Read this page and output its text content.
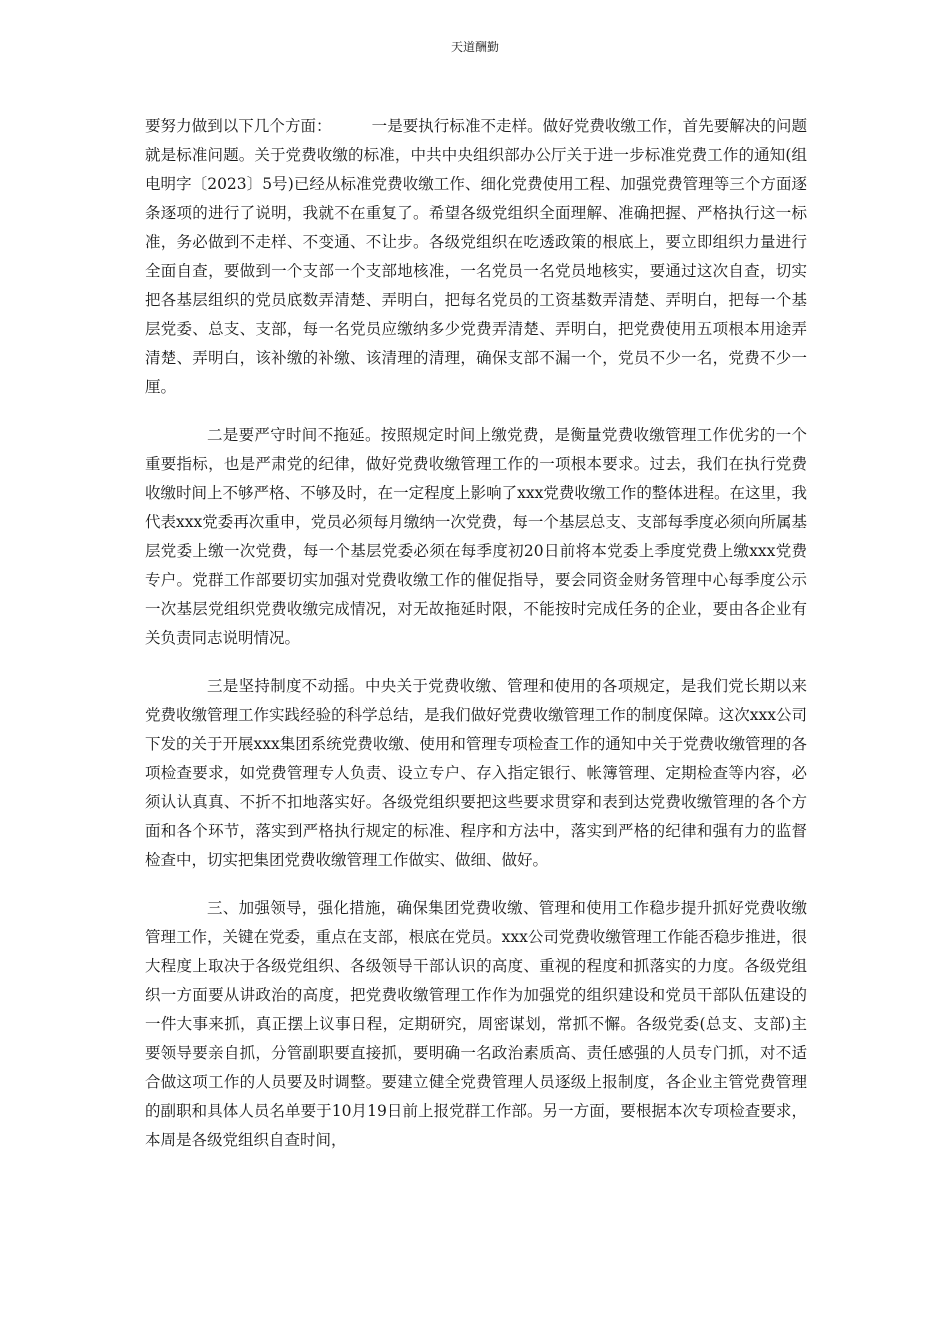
天道酬勤

要努力做到以下几个方面：	一是要执行标准不走样。做好党费收缴工作，首先要解决的问题就是标准问题。关于党费收缴的标准，中共中央组织部办公厅关于进一步标准党费工作的通知(组电明字〔2023〕5号)已经从标准党费收缴工作、细化党费使用工程、加强党费管理等三个方面逐条逐项的进行了说明，我就不在重复了。希望各级党组织全面理解、准确把握、严格执行这一标准，务必做到不走样、不变通、不让步。各级党组织在吃透政策的根底上，要立即组织力量进行全面自查，要做到一个支部一个支部地核准，一名党员一名党员地核实，要通过这次自查，切实把各基层组织的党员底数弄清楚、弄明白，把每名党员的工资基数弄清楚、弄明白，把每一个基层党委、总支、支部，每一名党员应缴纳多少党费弄清楚、弄明白，把党费使用五项根本用途弄清楚、弄明白，该补缴的补缴、该清理的清理，确保支部不漏一个，党员不少一名，党费不少一厘。

二是要严守时间不拖延。按照规定时间上缴党费，是衡量党费收缴管理工作优劣的一个重要指标，也是严肃党的纪律，做好党费收缴管理工作的一项根本要求。过去，我们在执行党费收缴时间上不够严格、不够及时，在一定程度上影响了xxx党费收缴工作的整体进程。在这里，我代表xxx党委再次重申，党员必须每月缴纳一次党费，每一个基层总支、支部每季度必须向所属基层党委上缴一次党费，每一个基层党委必须在每季度初20日前将本党委上季度党费上缴xxx党费专户。党群工作部要切实加强对党费收缴工作的催促指导，要会同资金财务管理中心每季度公示一次基层党组织党费收缴完成情况，对无故拖延时限，不能按时完成任务的企业，要由各企业有关负责同志说明情况。

三是坚持制度不动摇。中央关于党费收缴、管理和使用的各项规定，是我们党长期以来党费收缴管理工作实践经验的科学总结，是我们做好党费收缴管理工作的制度保障。这次xxx公司下发的关于开展xxx集团系统党费收缴、使用和管理专项检查工作的通知中关于党费收缴管理的各项检查要求，如党费管理专人负责、设立专户、存入指定银行、帐簿管理、定期检查等内容，必须认认真真、不折不扣地落实好。各级党组织要把这些要求贯穿和表到达党费收缴管理的各个方面和各个环节，落实到严格执行规定的标准、程序和方法中，落实到严格的纪律和强有力的监督检查中，切实把集团党费收缴管理工作做实、做细、做好。

三、加强领导，强化措施，确保集团党费收缴、管理和使用工作稳步提升抓好党费收缴管理工作，关键在党委，重点在支部，根底在党员。xxx公司党费收缴管理工作能否稳步推进，很大程度上取决于各级党组织、各级领导干部认识的高度、重视的程度和抓落实的力度。各级党组织一方面要从讲政治的高度，把党费收缴管理工作作为加强党的组织建设和党员干部队伍建设的一件大事来抓，真正摆上议事日程，定期研究，周密谋划，常抓不懈。各级党委(总支、支部)主要领导要亲自抓，分管副职要直接抓，要明确一名政治素质高、责任感强的人员专门抓，对不适合做这项工作的人员要及时调整。要建立健全党费管理人员逐级上报制度，各企业主管党费管理的副职和具体人员名单要于10月19日前上报党群工作部。另一方面，要根据本次专项检查要求，本周是各级党组织自查时间，
